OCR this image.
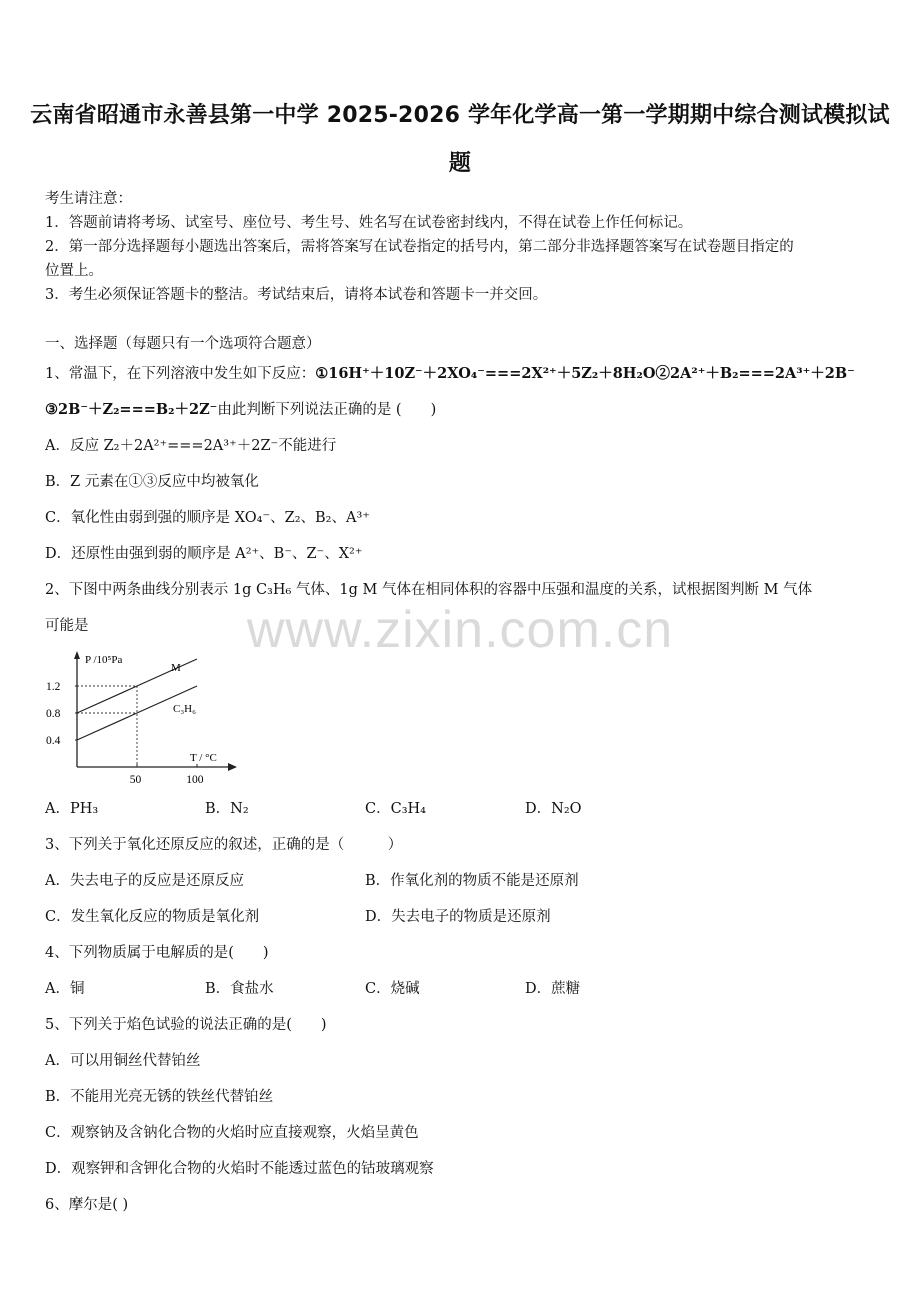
云南省昭通市永善县第一中学 2025-2026 学年化学高一第一学期期中综合测试模拟试
题
考生请注意：
1．答题前请将考场、试室号、座位号、考生号、姓名写在试卷密封线内，不得在试卷上作任何标记。
2．第一部分选择题每小题选出答案后，需将答案写在试卷指定的括号内，第二部分非选择题答案写在试卷题目指定的
位置上。
3．考生必须保证答题卡的整洁。考试结束后，请将本试卷和答题卡一并交回。
一、选择题（每题只有一个选项符合题意）
1、常温下，在下列溶液中发生如下反应：①16H⁺＋10Z⁻＋2XO₄⁻===2X²⁺＋5Z₂＋8H₂O②2A²⁺＋B₂===2A³⁺＋2B⁻
③2B⁻＋Z₂===B₂＋2Z⁻由此判断下列说法正确的是 (　　)
A．反应 Z₂＋2A²⁺===2A³⁺＋2Z⁻不能进行
B．Z 元素在①③反应中均被氧化
C．氧化性由弱到强的顺序是 XO₄⁻、Z₂、B₂、A³⁺
D．还原性由强到弱的顺序是 A²⁺、B⁻、Z⁻、X²⁺
2、下图中两条曲线分别表示 1g C₃H₆ 气体、1g M 气体在相同体积的容器中压强和温度的关系，试根据图判断 M 气体
可能是
P /10⁵Pa
T / °C
1.2
0.8
0.4
50	100
M
C₃H₆
A．PH₃	B．N₂	C．C₃H₄	D．N₂O
3、下列关于氧化还原反应的叙述，正确的是（　　　）
A．失去电子的反应是还原反应	B．作氧化剂的物质不能是还原剂
C．发生氧化反应的物质是氧化剂	D．失去电子的物质是还原剂
4、下列物质属于电解质的是(　　)
A．铜	B．食盐水	C．烧碱	D．蔗糖
5、下列关于焰色试验的说法正确的是(　　)
A．可以用铜丝代替铂丝
B．不能用光亮无锈的铁丝代替铂丝
C．观察钠及含钠化合物的火焰时应直接观察，火焰呈黄色
D．观察钾和含钾化合物的火焰时不能透过蓝色的钴玻璃观察
6、摩尔是( )
www.zixin.com.cn
